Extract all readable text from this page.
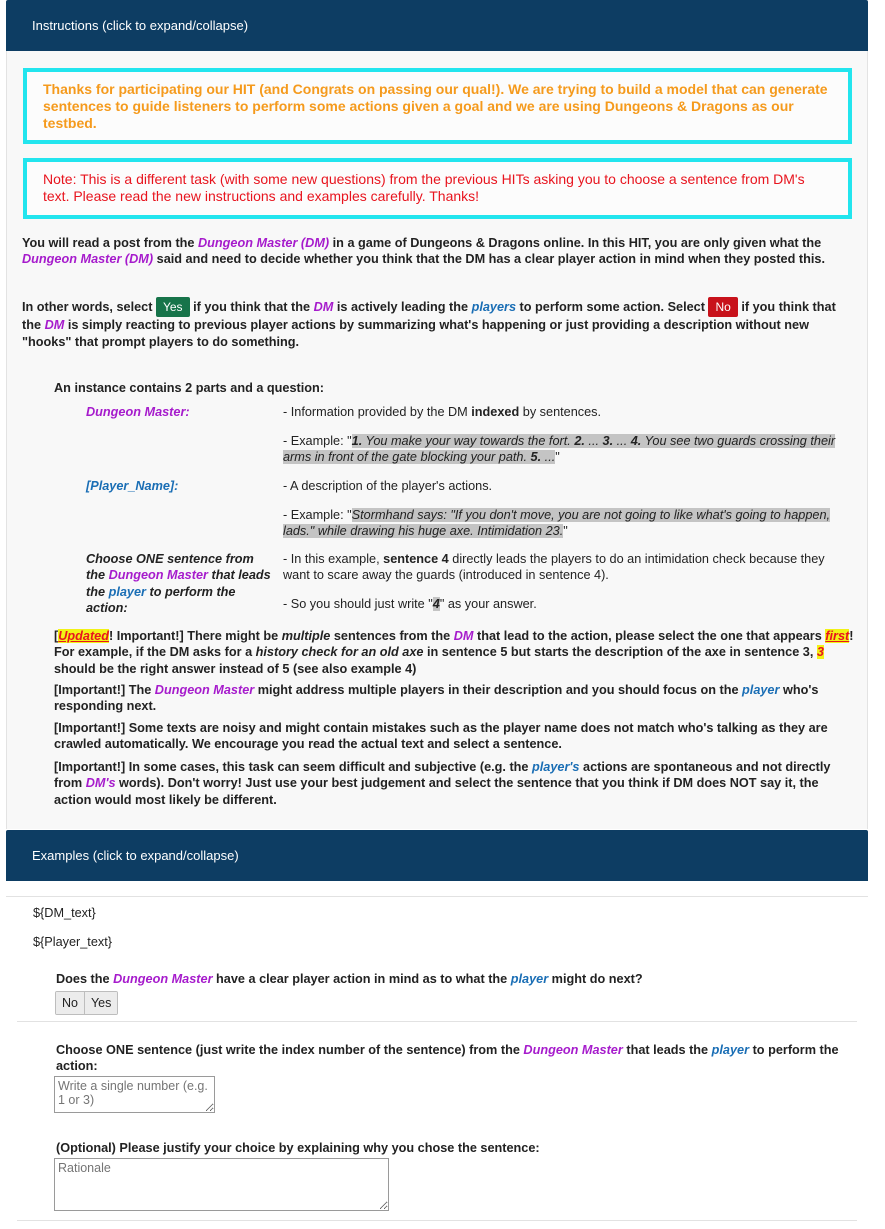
Instructions (click to expand/collapse)
Thanks for participating our HIT (and Congrats on passing our qual!). We are trying to build a model that can generate sentences to guide listeners to perform some actions given a goal and we are using Dungeons & Dragons as our testbed.
Note: This is a different task (with some new questions) from the previous HITs asking you to choose a sentence from DM's text. Please read the new instructions and examples carefully. Thanks!
You will read a post from the Dungeon Master (DM) in a game of Dungeons & Dragons online. In this HIT, you are only given what the Dungeon Master (DM) said and need to decide whether you think that the DM has a clear player action in mind when they posted this.
In other words, select Yes if you think that the DM is actively leading the players to perform some action. Select No if you think that the DM is simply reacting to previous player actions by summarizing what's happening or just providing a description without new "hooks" that prompt players to do something.
An instance contains 2 parts and a question:
Dungeon Master:	- Information provided by the DM indexed by sentences.
- Example: "1. You make your way towards the fort. 2. ... 3. ... 4. You see two guards crossing their arms in front of the gate blocking your path. 5. ..."
[Player_Name]:	- A description of the player's actions.
- Example: "Stormhand says: "If you don't move, you are not going to like what's going to happen, lads." while drawing his huge axe. Intimidation 23."
Choose ONE sentence from the Dungeon Master that leads the player to perform the action:
- In this example, sentence 4 directly leads the players to do an intimidation check because they want to scare away the guards (introduced in sentence 4).
- So you should just write "4" as your answer.
[Updated! Important!] There might be multiple sentences from the DM that lead to the action, please select the one that appears first! For example, if the DM asks for a history check for an old axe in sentence 5 but starts the description of the axe in sentence 3, 3 should be the right answer instead of 5 (see also example 4)
[Important!] The Dungeon Master might address multiple players in their description and you should focus on the player who's responding next.
[Important!] Some texts are noisy and might contain mistakes such as the player name does not match who's talking as they are crawled automatically. We encourage you read the actual text and select a sentence.
[Important!] In some cases, this task can seem difficult and subjective (e.g. the player's actions are spontaneous and not directly from DM's words). Don't worry! Just use your best judgement and select the sentence that you think if DM does NOT say it, the action would most likely be different.
Examples (click to expand/collapse)
${DM_text}
${Player_text}
Does the Dungeon Master have a clear player action in mind as to what the player might do next?
No	Yes
Choose ONE sentence (just write the index number of the sentence) from the Dungeon Master that leads the player to perform the action:
Write a single number (e.g. 1 or 3)
(Optional) Please justify your choice by explaining why you chose the sentence:
Rationale
